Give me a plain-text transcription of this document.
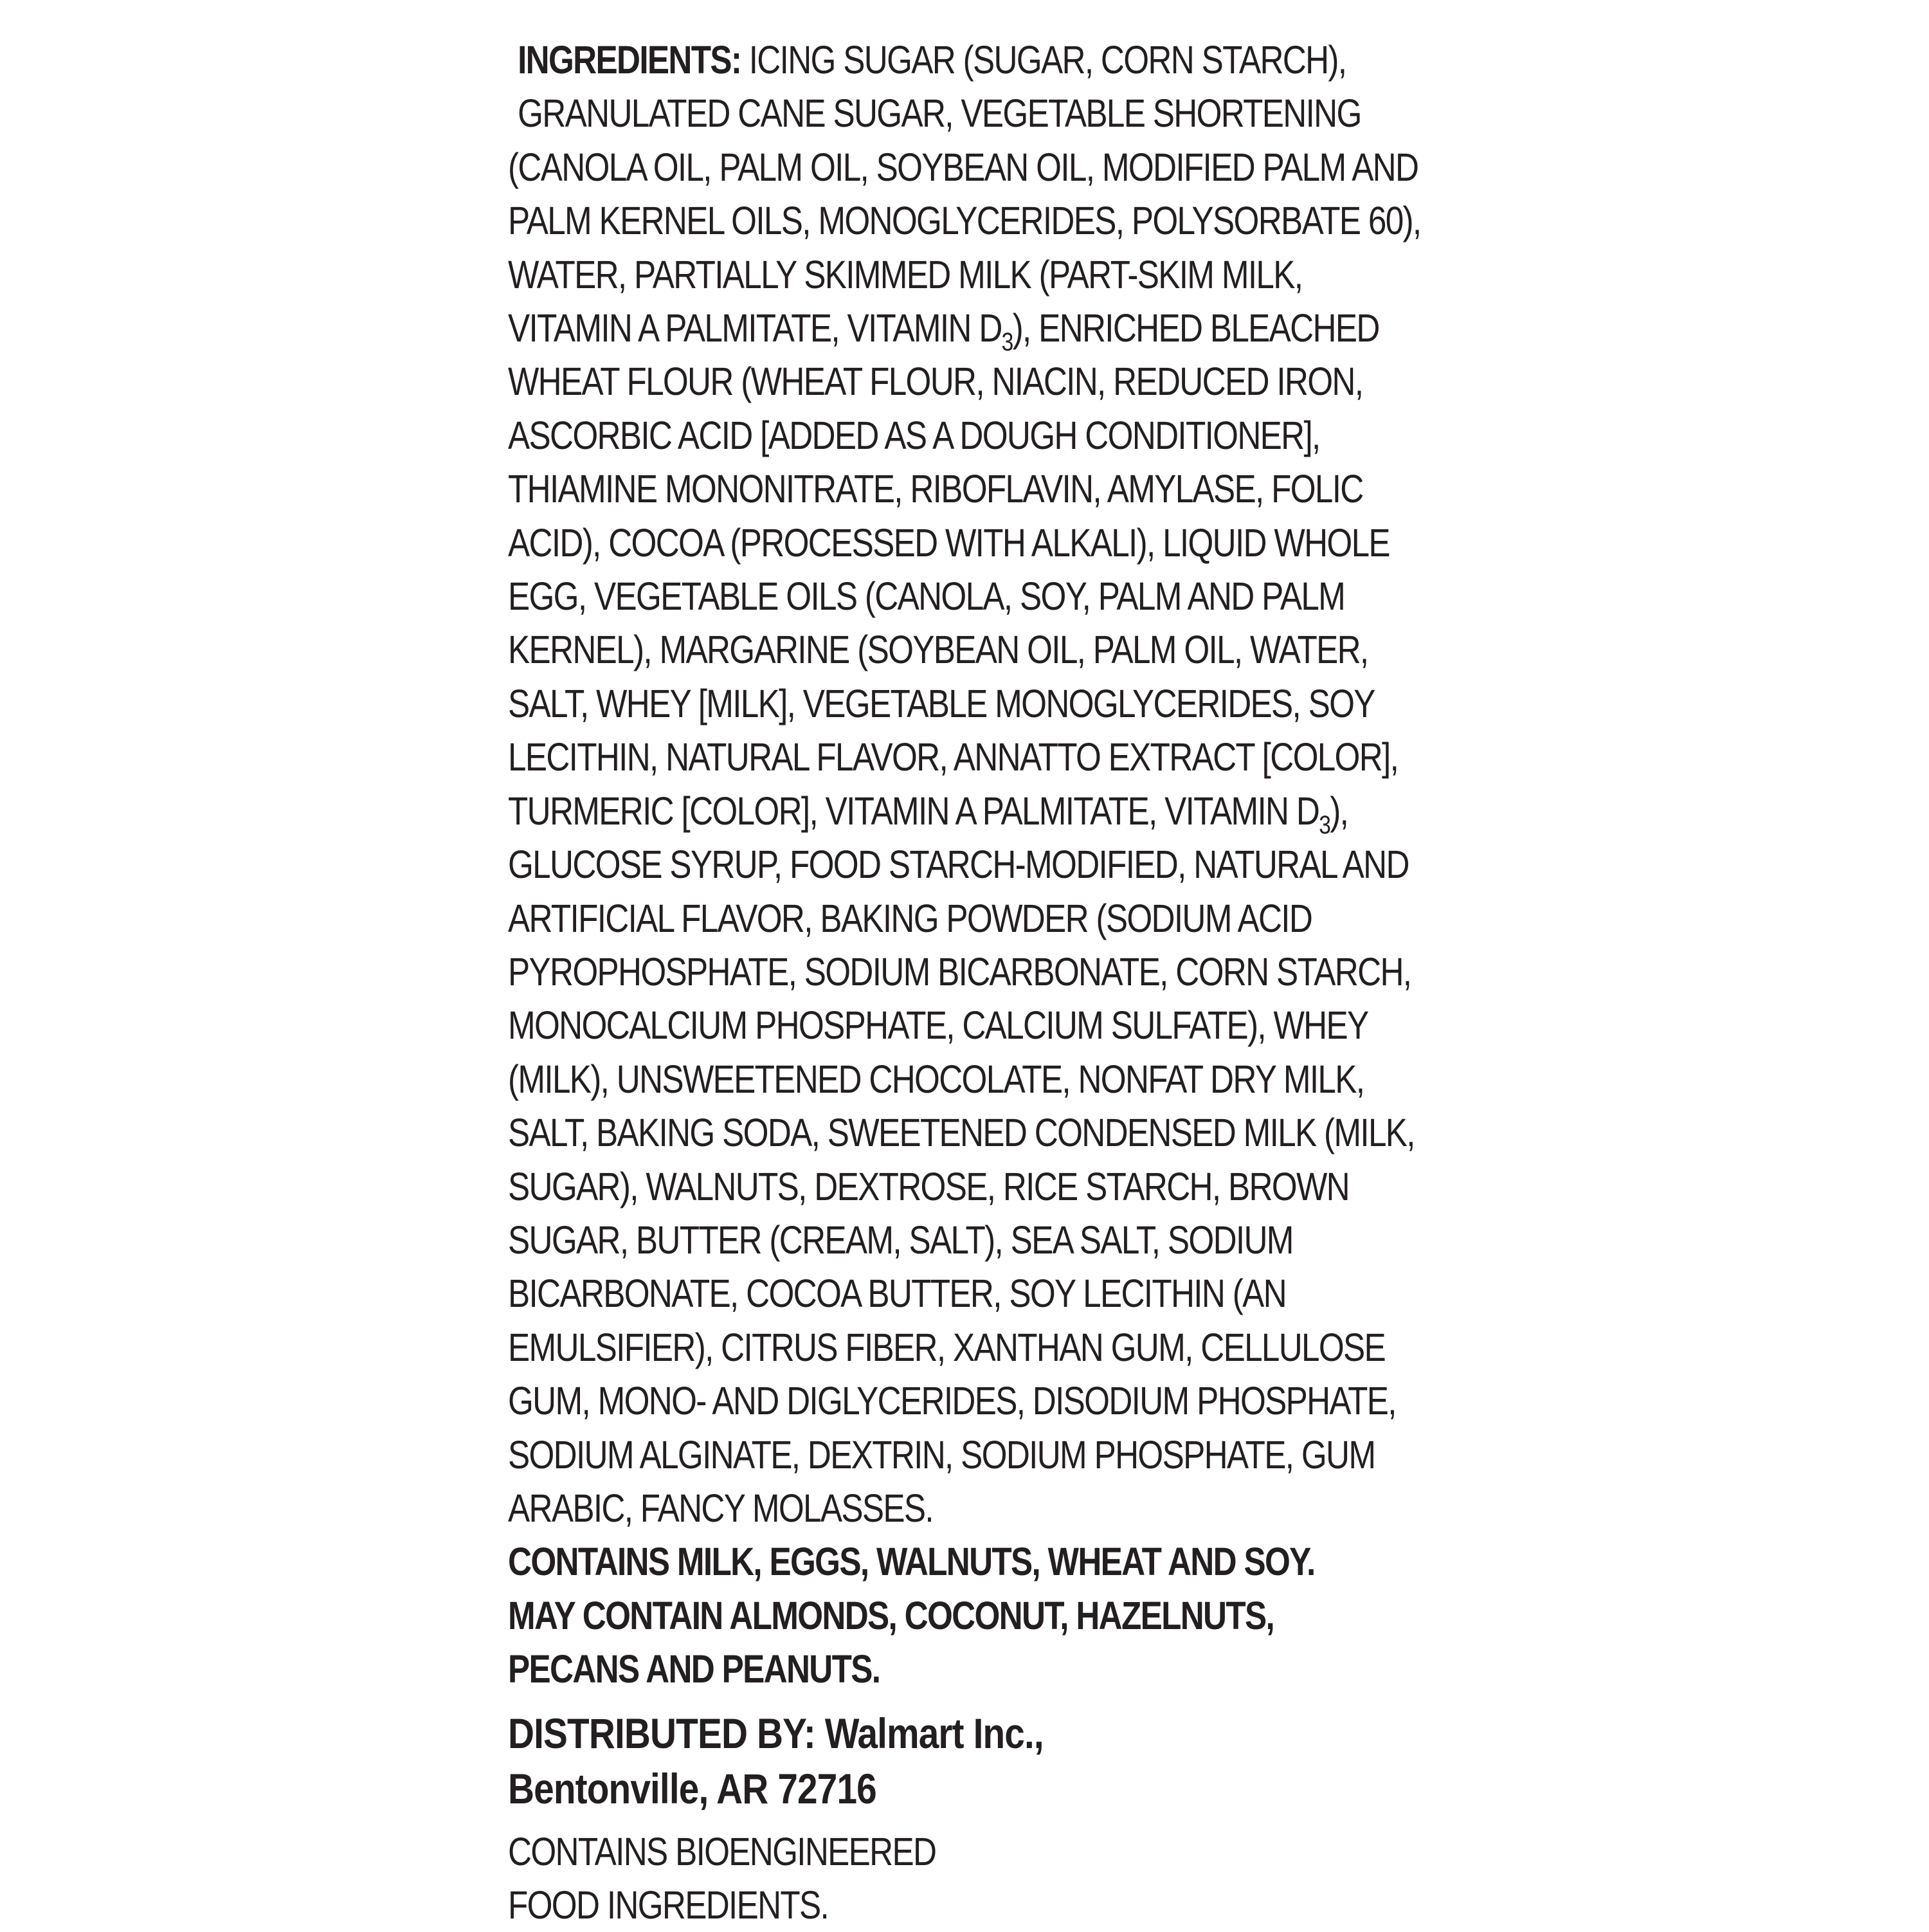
INGREDIENTS: ICING SUGAR (SUGAR, CORN STARCH),
GRANULATED CANE SUGAR, VEGETABLE SHORTENING
(CANOLA OIL, PALM OIL, SOYBEAN OIL, MODIFIED PALM AND
PALM KERNEL OILS, MONOGLYCERIDES, POLYSORBATE 60),
WATER, PARTIALLY SKIMMED MILK (PART-SKIM MILK,
VITAMIN A PALMITATE, VITAMIN $D_3$), ENRICHED BLEACHED
WHEAT FLOUR (WHEAT FLOUR, NIACIN, REDUCED IRON,
ASCORBIC ACID [ADDED AS A DOUGH CONDITIONER],
THIAMINE MONONITRATE, RIBOFLAVIN, AMYLASE, FOLIC
ACID), COCOA (PROCESSED WITH ALKALI), LIQUID WHOLE
EGG, VEGETABLE OILS (CANOLA, SOY, PALM AND PALM
KERNEL), MARGARINE (SOYBEAN OIL, PALM OIL, WATER,
SALT, WHEY [MILK], VEGETABLE MONOGLYCERIDES, SOY
LECITHIN, NATURAL FLAVOR, ANNATTO EXTRACT [COLOR],
TURMERIC [COLOR], VITAMIN A PALMITATE, VITAMIN $D_3$),
GLUCOSE SYRUP, FOOD STARCH-MODIFIED, NATURAL AND
ARTIFICIAL FLAVOR, BAKING POWDER (SODIUM ACID
PYROPHOSPHATE, SODIUM BICARBONATE, CORN STARCH,
MONOCALCIUM PHOSPHATE, CALCIUM SULFATE), WHEY
(MILK), UNSWEETENED CHOCOLATE, NONFAT DRY MILK,
SALT, BAKING SODA, SWEETENED CONDENSED MILK (MILK,
SUGAR), WALNUTS, DEXTROSE, RICE STARCH, BROWN
SUGAR, BUTTER (CREAM, SALT), SEA SALT, SODIUM
BICARBONATE, COCOA BUTTER, SOY LECITHIN (AN
EMULSIFIER), CITRUS FIBER, XANTHAN GUM, CELLULOSE
GUM, MONO- AND DIGLYCERIDES, DISODIUM PHOSPHATE,
SODIUM ALGINATE, DEXTRIN, SODIUM PHOSPHATE, GUM
ARABIC, FANCY MOLASSES.
CONTAINS MILK, EGGS, WALNUTS, WHEAT AND SOY.
MAY CONTAIN ALMONDS, COCONUT, HAZELNUTS,
PECANS AND PEANUTS.
DISTRIBUTED BY: Walmart Inc.,
Bentonville, AR 72716
CONTAINS BIOENGINEERED
FOOD INGREDIENTS.
